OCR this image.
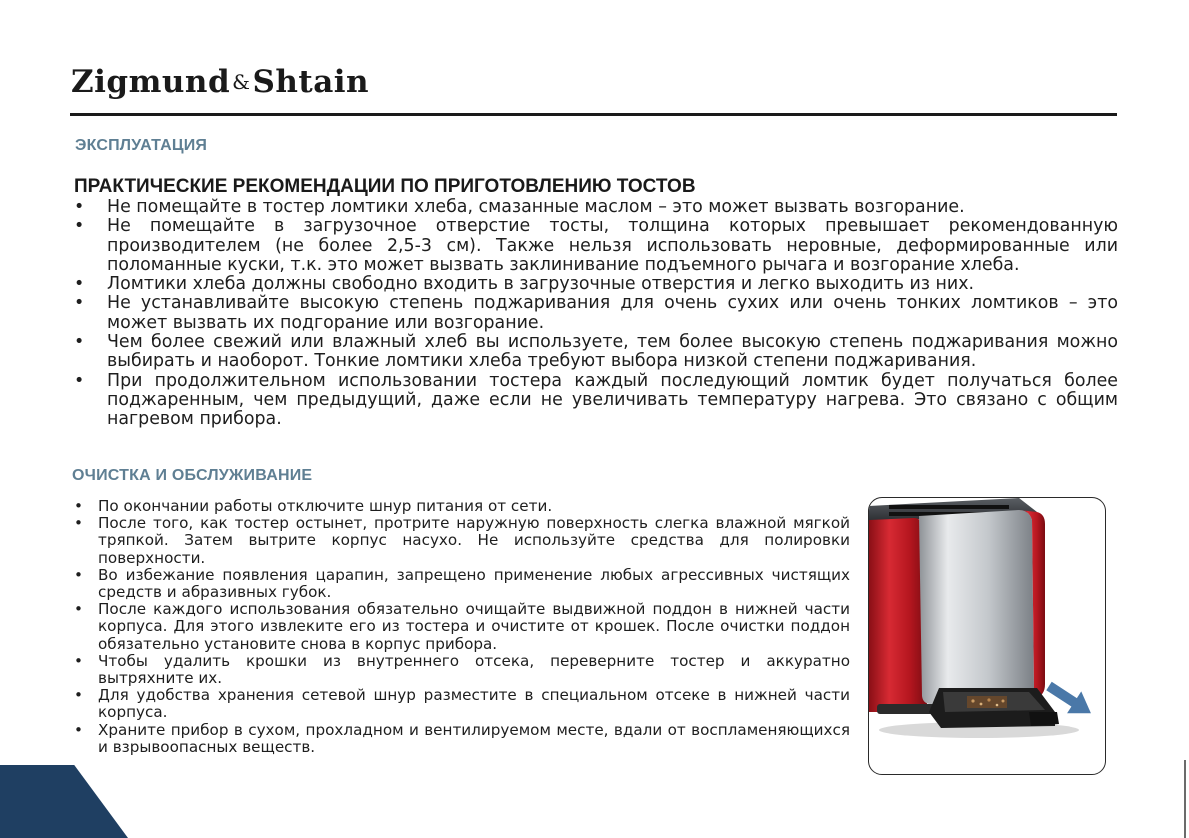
Zigmund &Shtain
ЭКСПЛУАТАЦИЯ
ПРАКТИЧЕСКИЕ РЕКОМЕНДАЦИИ ПО ПРИГОТОВЛЕНИЮ ТОСТОВ
• Не помещайте в тостер ломтики хлеба, смазанные маслом – это может вызвать возгорание.
• Не помещайте в загрузочное отверстие тосты, толщина которых превышает рекомендованную производителем (не более 2,5-3 см). Также нельзя использовать неровные, деформированные или поломанные куски, т.к. это может вызвать заклинивание подъемного рычага и возгорание хлеба.
• Ломтики хлеба должны свободно входить в загрузочные отверстия и легко выходить из них.
• Не устанавливайте высокую степень поджаривания для очень сухих или очень тонких ломтиков – это может вызвать их подгорание или возгорание.
• Чем более свежий или влажный хлеб вы используете, тем более высокую степень поджаривания можно выбирать и наоборот. Тонкие ломтики хлеба требуют выбора низкой степени поджаривания.
• При продолжительном использовании тостера каждый последующий ломтик будет получаться более поджаренным, чем предыдущий, даже если не увеличивать температуру нагрева. Это связано с общим нагревом прибора.
ОЧИСТКА И ОБСЛУЖИВАНИЕ
• По окончании работы отключите шнур питания от сети.
• После того, как тостер остынет, протрите наружную поверхность слегка влажной мягкой тряпкой. Затем вытрите корпус насухо. Не используйте средства для полировки поверхности.
• Во избежание появления царапин, запрещено применение любых агрессивных чистящих средств и абразивных губок.
• После каждого использования обязательно очищайте выдвижной поддон в нижней части корпуса. Для этого извлеките его из тостера и очистите от крошек. После очистки поддон обязательно установите снова в корпус прибора.
• Чтобы удалить крошки из внутреннего отсека, переверните тостер и аккуратно вытряхните их.
• Для удобства хранения сетевой шнур разместите в специальном отсеке в нижней части корпуса.
• Храните прибор в сухом, прохладном и вентилируемом месте, вдали от воспламеняющихся и взрывоопасных веществ.
